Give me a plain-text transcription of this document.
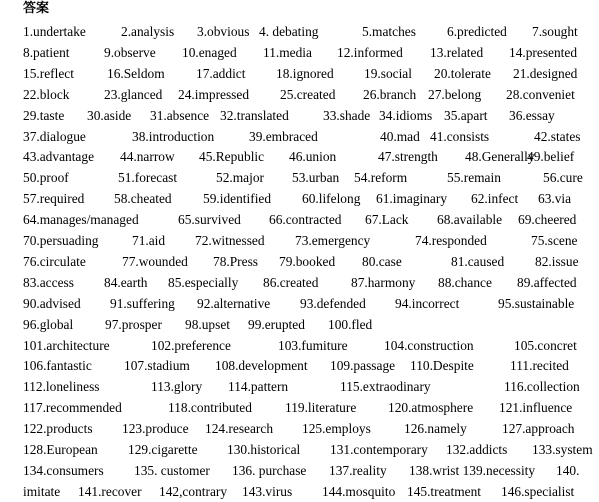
答案
1.undertake	2.analysis 3.obvious 4. debating	5.matches 6.predicted 7.sought
8.patient	9.observe 10.enaged 11.media 12.informed 13.related 14.presented
15.reflect 16.Seldom 17.addict 18.ignored 19.social 20.tolerate 21.designed
22.block	23.glanced 24.impressed 25.created 26.branch 27.belong 28.conveniet
29.taste 30.aside 31.absence 32.translated	33.shade 34.idioms 35.apart 36.essay
37.dialogue	38.introduction	39.embraced	40.mad 41.consists	42.states
43.advantage 44.narrow 45.Republic 46.union	47.strength 48.Generally
49.belief
50.proof	51.forecast	52.major 53.urban 54.reform	55.remain	56.cure
57.required 58.cheated 59.identified 60.lifelong 61.imaginary 62.infect 63.via
64.manages/managed	65.survived 66.contracted 67.Lack 68.available 69.cheered
70.persuading	71.aid 72.witnessed 73.emergency	74.responded	75.scene
76.circulate	77.wounded 78.Press 79.booked 80.case	81.caused 82.issue
83.access 84.earth 85.especially 86.created 87.harmony 88.chance 89.affected
90.advised 91.suffering 92.alternative 93.defended 94.incorrect	95.sustainable
96.global 97.prosper 98.upset 99.erupted 100.fled
101.architecture	102.preference	103.fumiture	104.construction	105.concret
106.fantastic 107.stadium 108.development 109.passage 110.Despite	111.recited
112.loneliness	113.glory 114.pattern	115.extraodinary	116.collection
117.recommended	118.contributed 119.literature 120.atmosphere 121.influence
122.products 123.produce 124.research 125.employs 126.namely	127.approach
128.European 129.cigarette 130.historical 131.contemporary 132.addicts 133.system
134.consumers 135. customer 136. purchase 137.reality 138.wrist 139.necessity 140.
imitate 141.recover 142,contrary 143.virus 144.mosquito 145.treatment 146.specialist
